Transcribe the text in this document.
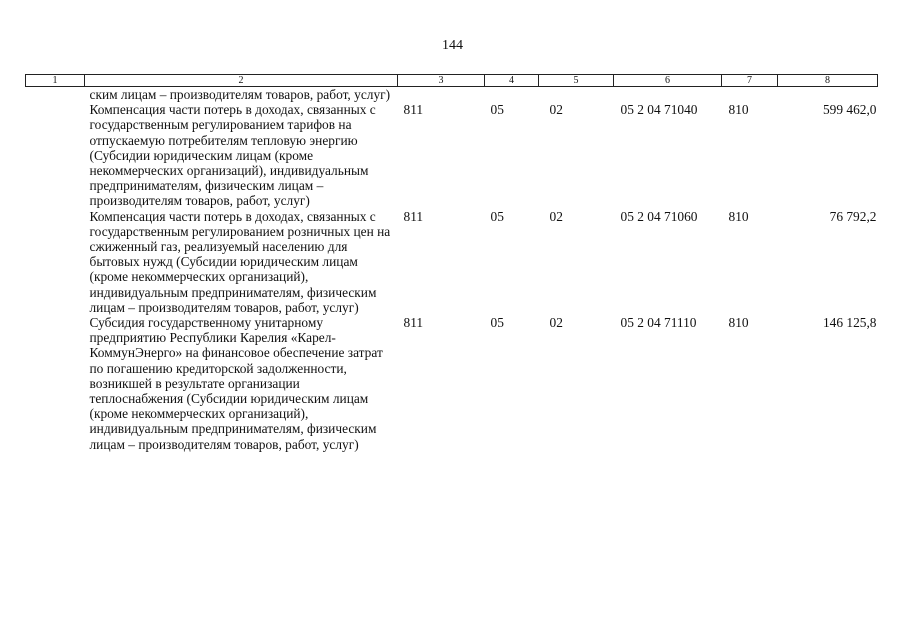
144
1	2	3	4	5	6	7	8
	ским лицам – производителям товаров, работ, услуг)						
	Компенсация части потерь в доходах, связанных с государственным регулированием тарифов на отпускаемую потребителям тепловую энергию (Субсидии юридическим лицам (кроме некоммерческих организаций), индивидуальным предпринимателям, физическим лицам – производителям товаров, работ, услуг)	811	05	02	05 2 04 71040	810	599 462,0
	Компенсация части потерь в доходах, связанных с государственным регулированием розничных цен на сжиженный газ, реализуемый населению для бытовых нужд (Субсидии юридическим лицам (кроме некоммерческих организаций), индивидуальным предпринимателям, физическим лицам – производителям товаров, работ, услуг)	811	05	02	05 2 04 71060	810	76 792,2
	Субсидия государственному унитарному предприятию Республики Карелия «Карел-КоммунЭнерго» на финансовое обеспечение затрат по погашению кредиторской задолженности, возникшей в результате организации теплоснабжения (Субсидии юридическим лицам (кроме некоммерческих организаций), индивидуальным предпринимателям, физическим лицам – производителям товаров, работ, услуг)	811	05	02	05 2 04 71110	810	146 125,8
